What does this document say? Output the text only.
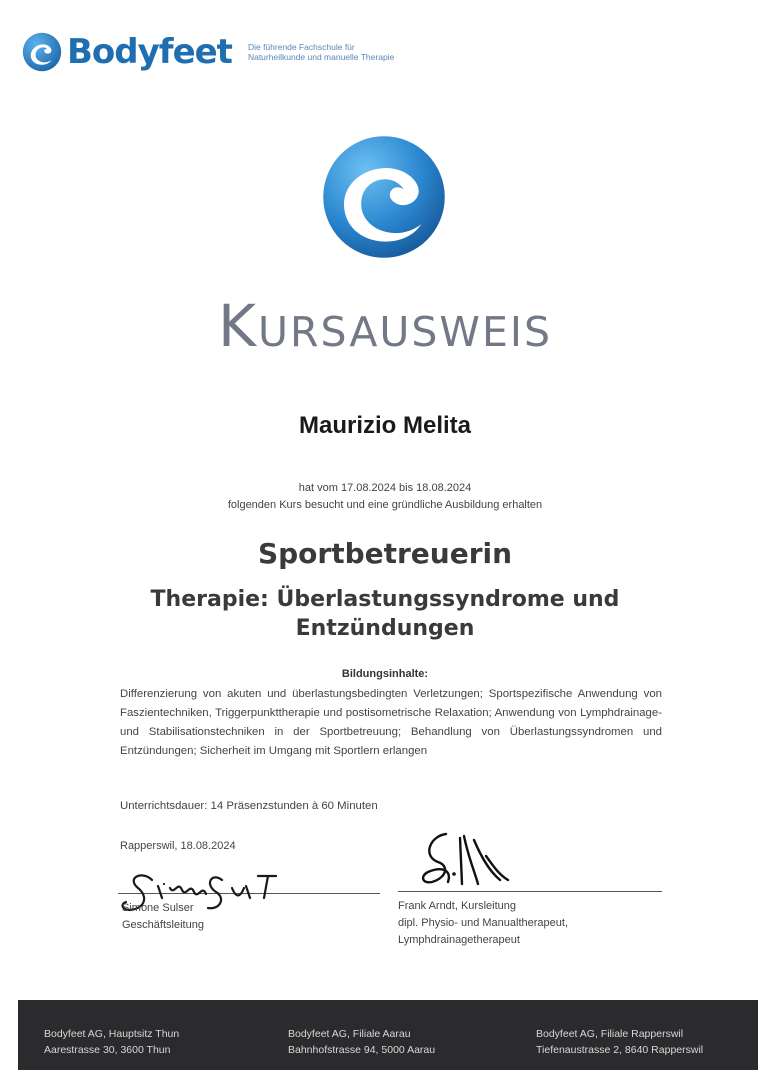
Bodyfeet Die führende Fachschule für
Naturheilkunde und manuelle Therapie
Kursausweis
Maurizio Melita
hat vom 17.08.2024 bis 18.08.2024
folgenden Kurs besucht und eine gründliche Ausbildung erhalten
Sportbetreuerin
Therapie: Überlastungssyndrome und Entzündungen
Bildungsinhalte:
Differenzierung von akuten und überlastungsbedingten Verletzungen; Sportspezifische Anwendung von Faszientechniken, Triggerpunkttherapie und postisometrische Relaxation; Anwendung von Lymphdrainage- und Stabilisationstechniken in der Sportbetreuung; Behandlung von Überlastungssyndromen und Entzündungen; Sicherheit im Umgang mit Sportlern erlangen
Unterrichtsdauer: 14 Präsenzstunden à 60 Minuten
Rapperswil, 18.08.2024
Simone Sulser
Geschäftsleitung
Frank Arndt, Kursleitung
dipl. Physio- und Manualtherapeut,
Lymphdrainagetherapeut
Bodyfeet AG, Hauptsitz Thun
Aarestrasse 30, 3600 Thun
Bodyfeet AG, Filiale Aarau
Bahnhofstrasse 94, 5000 Aarau
Bodyfeet AG, Filiale Rapperswil
Tiefenaustrasse 2, 8640 Rapperswil
